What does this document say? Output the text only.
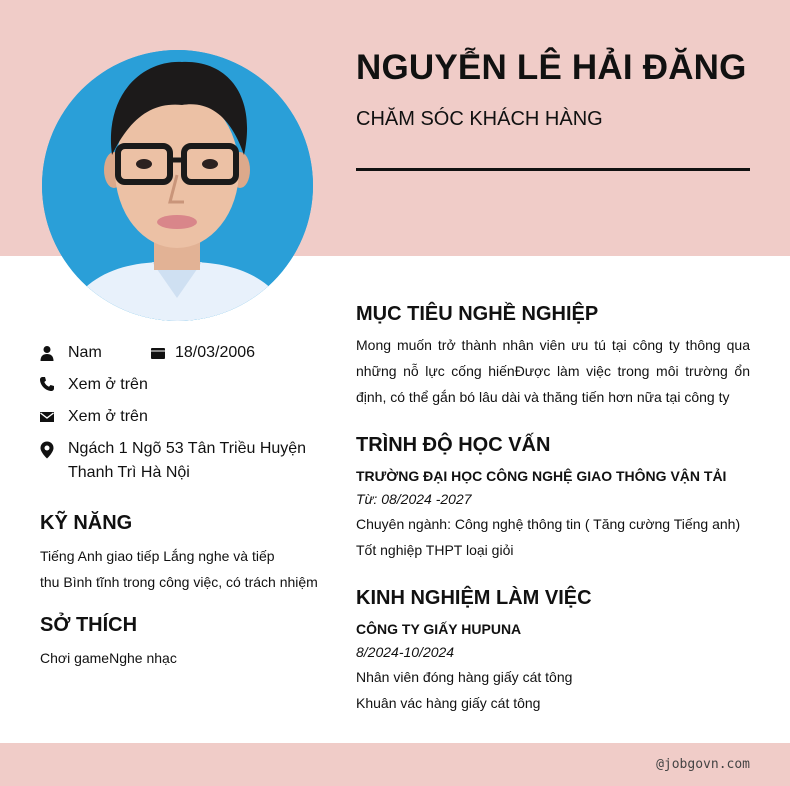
NGUYỄN LÊ HẢI ĐĂNG
CHĂM SÓC KHÁCH HÀNG
Nam	18/03/2006
Xem ở trên
Xem ở trên
Ngách 1 Ngõ 53 Tân Triều Huyện
Thanh Trì Hà Nội
KỸ NĂNG
Tiếng Anh giao tiếp Lắng nghe và tiếp
thu Bình tĩnh trong công việc, có trách nhiệm
SỞ THÍCH
Chơi gameNghe nhạc
MỤC TIÊU NGHỀ NGHIỆP
Mong muốn trở thành nhân viên ưu tú tại công ty thông qua những nỗ lực cống hiếnĐược làm việc trong môi trường ổn định, có thể gắn bó lâu dài và thăng tiến hơn nữa tại công ty
TRÌNH ĐỘ HỌC VẤN
TRƯỜNG ĐẠI HỌC CÔNG NGHỆ GIAO THÔNG VẬN TẢI
Từ: 08/2024 -2027
Chuyên ngành: Công nghệ thông tin ( Tăng cường Tiếng anh)
Tốt nghiệp THPT loại giỏi
KINH NGHIỆM LÀM VIỆC
CÔNG TY GIẤY HUPUNA
8/2024-10/2024
Nhân viên đóng hàng giấy cát tông
Khuân vác hàng giấy cát tông
@jobgovn.com
